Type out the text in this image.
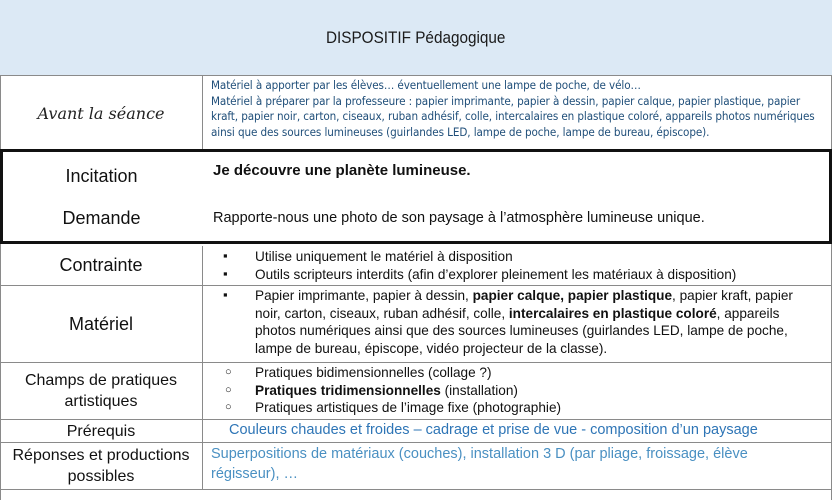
DISPOSITIF Pédagogique
Avant la séance
Matériel à apporter par les élèves… éventuellement une lampe de poche, de vélo…
Matériel à préparer par la professeure : papier imprimante, papier à dessin, papier calque, papier plastique, papier kraft, papier noir, carton, ciseaux, ruban adhésif, colle, intercalaires en plastique coloré, appareils photos numériques ainsi que des sources lumineuses (guirlandes LED, lampe de poche, lampe de bureau, épiscope).
Incitation
Demande
Je découvre une planète lumineuse.
Rapporte-nous une photo de son paysage à l’atmosphère lumineuse unique.
Contrainte
▪	Utilise uniquement le matériel à disposition
▪ Outils scripteurs interdits (afin d’explorer pleinement les matériaux à disposition)
Matériel
▪ Papier imprimante, papier à dessin, papier calque, papier plastique, papier kraft, papier noir, carton, ciseaux, ruban adhésif, colle, intercalaires en plastique coloré, appareils photos numériques ainsi que des sources lumineuses (guirlandes LED, lampe de poche, lampe de bureau, épiscope, vidéo projecteur de la classe).
Champs de pratiques artistiques
○ Pratiques bidimensionnelles (collage ?)
○ Pratiques tridimensionnelles (installation)
○ Pratiques artistiques de l’image fixe (photographie)
Prérequis	Couleurs chaudes et froides – cadrage et prise de vue - composition d’un paysage
Réponses et productions possibles
Superpositions de matériaux (couches), installation 3 D (par pliage, froissage, élève régisseur), …
